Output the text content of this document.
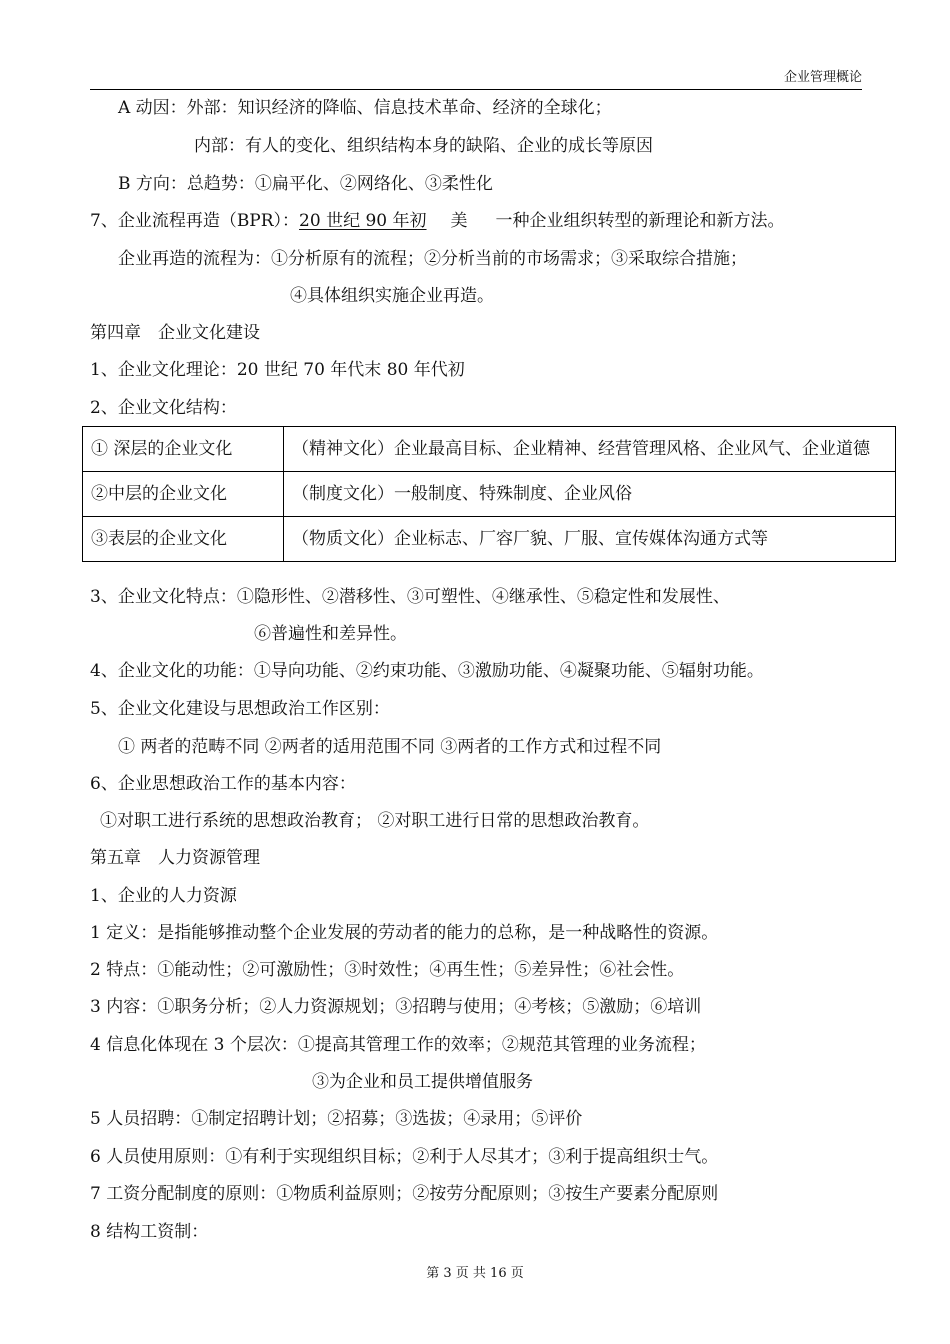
企业管理概论
A 动因：外部：知识经济的降临、信息技术革命、经济的全球化；
内部：有人的变化、组织结构本身的缺陷、企业的成长等原因
B 方向：总趋势：①扁平化、②网络化、③柔性化
7、企业流程再造（BPR）：20 世纪 90 年初 美 一种企业组织转型的新理论和新方法。
企业再造的流程为：①分析原有的流程；②分析当前的市场需求；③采取综合措施；
④具体组织实施企业再造。
第四章　企业文化建设
1、企业文化理论：20 世纪 70 年代末 80 年代初
2、企业文化结构：
① 深层的企业文化	（精神文化）企业最高目标、企业精神、经营管理风格、企业风气、企业道德
②中层的企业文化	（制度文化）一般制度、特殊制度、企业风俗
③表层的企业文化	（物质文化）企业标志、厂容厂貌、厂服、宣传媒体沟通方式等
3、企业文化特点：①隐形性、②潜移性、③可塑性、④继承性、⑤稳定性和发展性、
⑥普遍性和差异性。
4、企业文化的功能：①导向功能、②约束功能、③激励功能、④凝聚功能、⑤辐射功能。
5、企业文化建设与思想政治工作区别：
① 两者的范畴不同 ②两者的适用范围不同 ③两者的工作方式和过程不同
6、企业思想政治工作的基本内容：
①对职工进行系统的思想政治教育； ②对职工进行日常的思想政治教育。
第五章　人力资源管理
1、企业的人力资源
1 定义：是指能够推动整个企业发展的劳动者的能力的总称，是一种战略性的资源。
2 特点：①能动性；②可激励性；③时效性；④再生性；⑤差异性；⑥社会性。
3 内容：①职务分析；②人力资源规划；③招聘与使用；④考核；⑤激励；⑥培训
4 信息化体现在 3 个层次：①提高其管理工作的效率；②规范其管理的业务流程；
③为企业和员工提供增值服务
5 人员招聘：①制定招聘计划；②招募；③选拔；④录用；⑤评价
6 人员使用原则：①有利于实现组织目标；②利于人尽其才；③利于提高组织士气。
7 工资分配制度的原则：①物质利益原则；②按劳分配原则；③按生产要素分配原则
8 结构工资制：
第 3 页 共 16 页
